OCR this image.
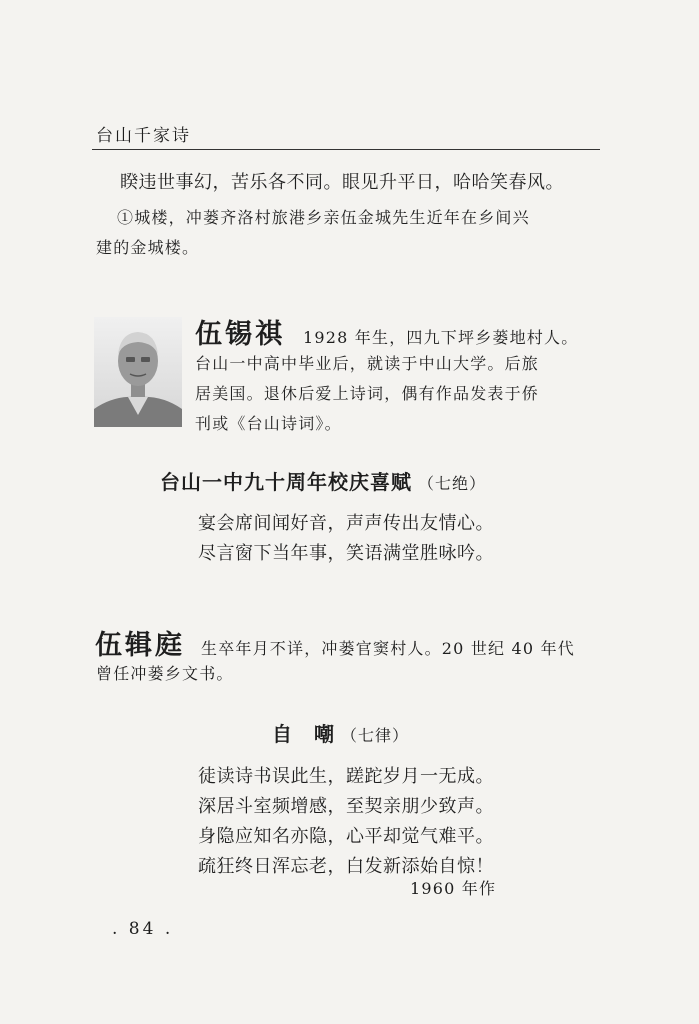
台山千家诗
睽违世事幻，苦乐各不同。眼见升平日，哈哈笑春风。
①城楼，冲蒌齐洛村旅港乡亲伍金城先生近年在乡间兴
建的金城楼。
伍锡祺 1928 年生，四九下坪乡蒌地村人。
台山一中高中毕业后，就读于中山大学。后旅
居美国。退休后爱上诗词，偶有作品发表于侨
刊或《台山诗词》。
台山一中九十周年校庆喜赋 （七绝）
宴会席间闻好音，声声传出友情心。
尽言窗下当年事，笑语满堂胜咏吟。
伍辑庭 生卒年月不详，冲蒌官窦村人。20 世纪 40 年代
曾任冲蒌乡文书。
自　嘲 （七律）
徒读诗书误此生，蹉跎岁月一无成。
深居斗室频增感，至契亲朋少致声。
身隐应知名亦隐，心平却觉气难平。
疏狂终日浑忘老，白发新添始自惊！
1960 年作
. 84 .
